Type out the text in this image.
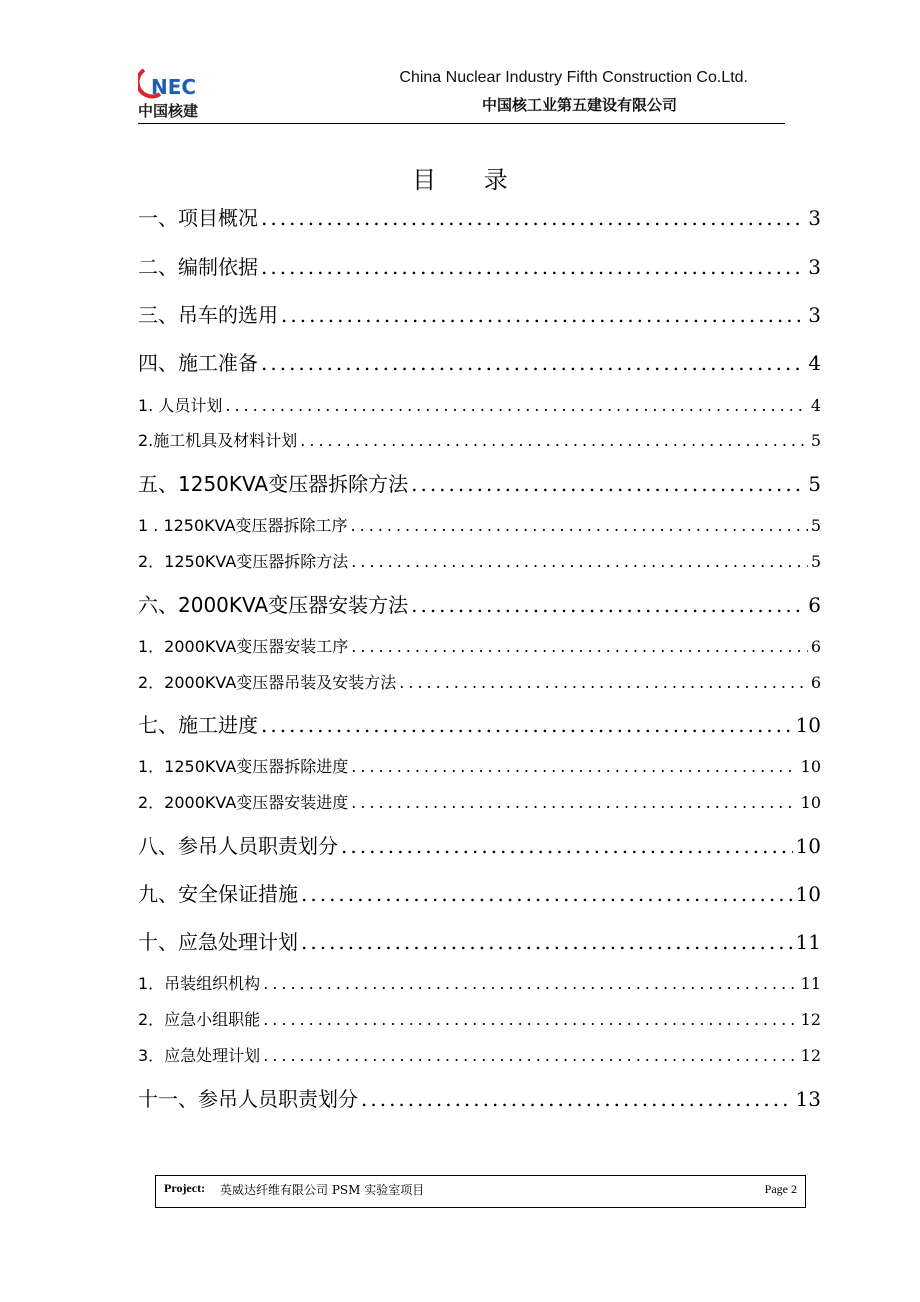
NEC
中国核建
China Nuclear Industry Fifth Construction Co.Ltd.
中国核工业第五建设有限公司
目 录
一、项目概况 .....	3
二、编制依据 .....	3
三、吊车的选用 .....	3
四、施工准备 .....	4
1. 人员计划 .....	4
2.施工机具及材料计划 .....	5
五、1250KVA变压器拆除方法 .....	5
1 . 1250KVA变压器拆除工序 .....	5
2．1250KVA变压器拆除方法 .....	5
六、2000KVA变压器安装方法 .....	6
1．2000KVA变压器安装工序 .....	6
2．2000KVA变压器吊装及安装方法 .....	6
七、施工进度 .....	10
1．1250KVA变压器拆除进度 .....	10
2．2000KVA变压器安装进度 .....	10
八、参吊人员职责划分 .....	10
九、安全保证措施 .....	10
十、应急处理计划 .....	11
1．吊装组织机构 .....	11
2．应急小组职能 .....	12
3．应急处理计划 .....	12
十一、参吊人员职责划分 .....	13
Project: 英威达纤维有限公司 PSM 实验室项目	Page 2
